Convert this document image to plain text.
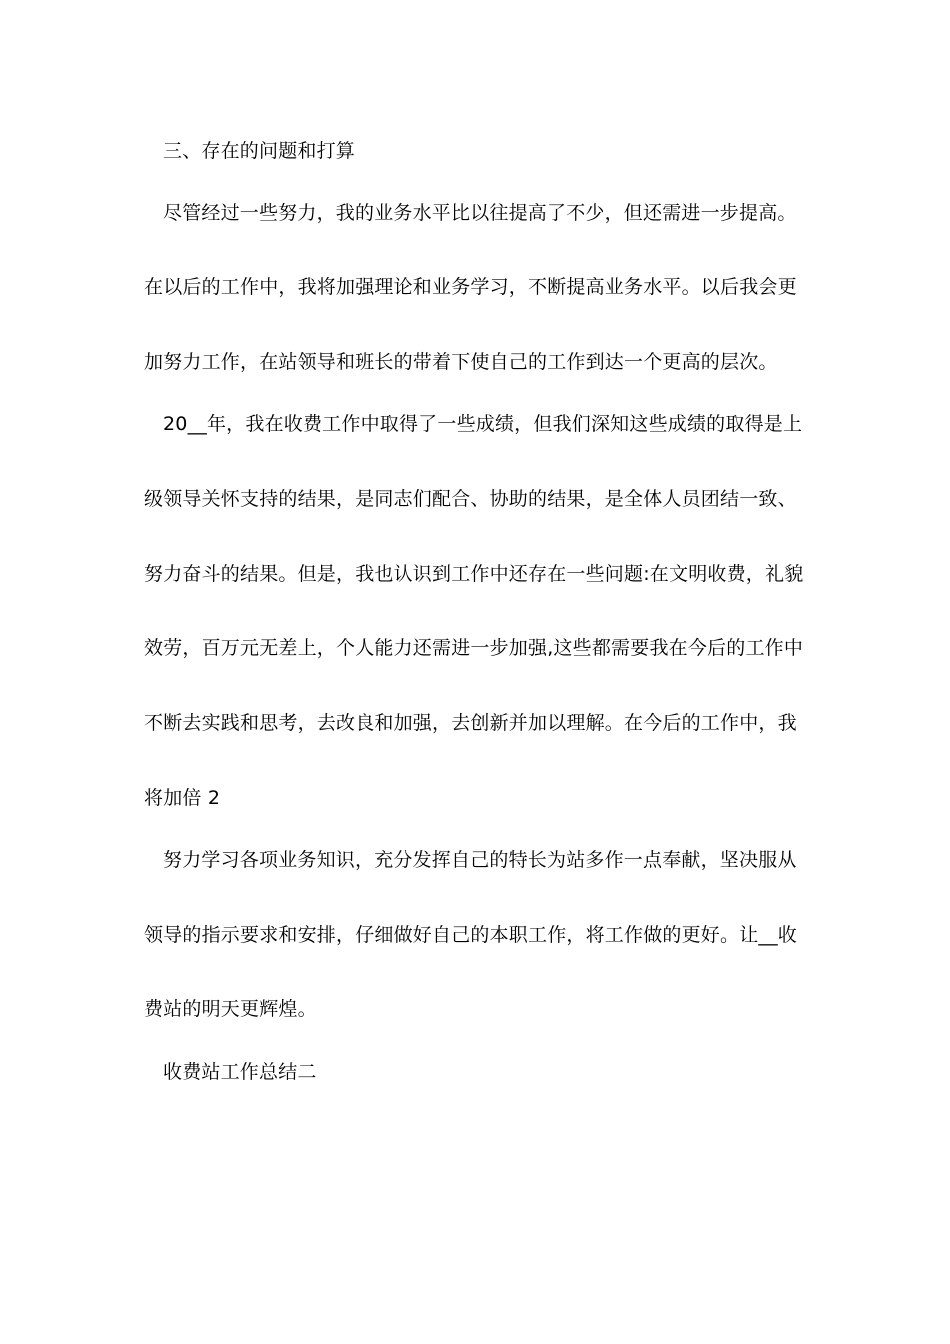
三、存在的问题和打算
尽管经过一些努力，我的业务水平比以往提高了不少，但还需进一步提高。
在以后的工作中，我将加强理论和业务学习，不断提高业务水平。以后我会更
加努力工作，在站领导和班长的带着下使自己的工作到达一个更高的层次。
20__年，我在收费工作中取得了一些成绩，但我们深知这些成绩的取得是上
级领导关怀支持的结果，是同志们配合、协助的结果，是全体人员团结一致、
努力奋斗的结果。但是，我也认识到工作中还存在一些问题:在文明收费，礼貌
效劳，百万元无差上，个人能力还需进一步加强,这些都需要我在今后的工作中
不断去实践和思考，去改良和加强，去创新并加以理解。在今后的工作中，我
将加倍 2
努力学习各项业务知识，充分发挥自己的特长为站多作一点奉献，坚决服从
领导的指示要求和安排，仔细做好自己的本职工作，将工作做的更好。让__收
费站的明天更辉煌。
收费站工作总结二
